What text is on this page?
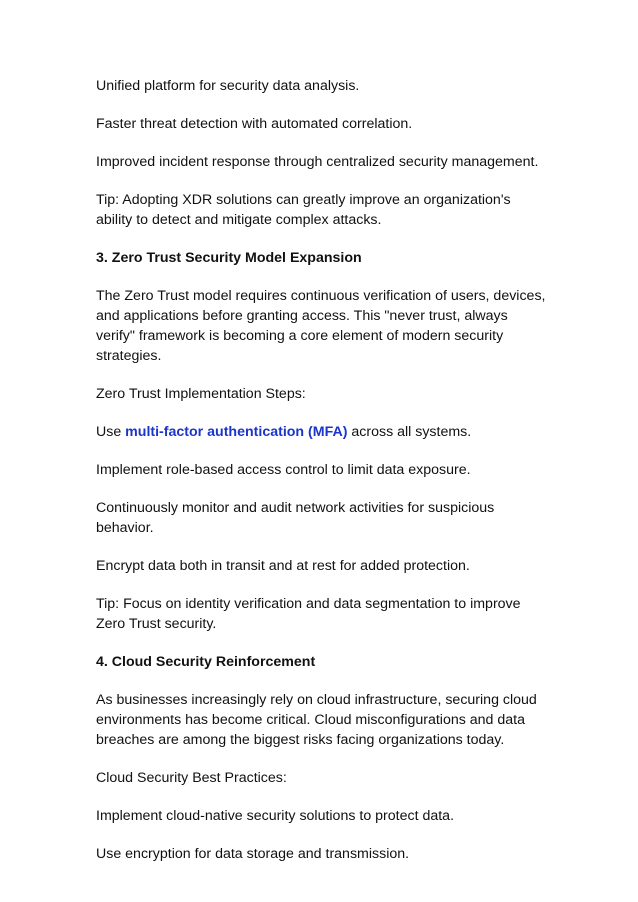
Unified platform for security data analysis.

Faster threat detection with automated correlation.

Improved incident response through centralized security management.

Tip: Adopting XDR solutions can greatly improve an organization's ability to detect and mitigate complex attacks.

3. Zero Trust Security Model Expansion

The Zero Trust model requires continuous verification of users, devices, and applications before granting access. This "never trust, always verify" framework is becoming a core element of modern security strategies.

Zero Trust Implementation Steps:

Use multi-factor authentication (MFA) across all systems.

Implement role-based access control to limit data exposure.

Continuously monitor and audit network activities for suspicious behavior.

Encrypt data both in transit and at rest for added protection.

Tip: Focus on identity verification and data segmentation to improve Zero Trust security.

4. Cloud Security Reinforcement

As businesses increasingly rely on cloud infrastructure, securing cloud environments has become critical. Cloud misconfigurations and data breaches are among the biggest risks facing organizations today.

Cloud Security Best Practices:

Implement cloud-native security solutions to protect data.

Use encryption for data storage and transmission.
